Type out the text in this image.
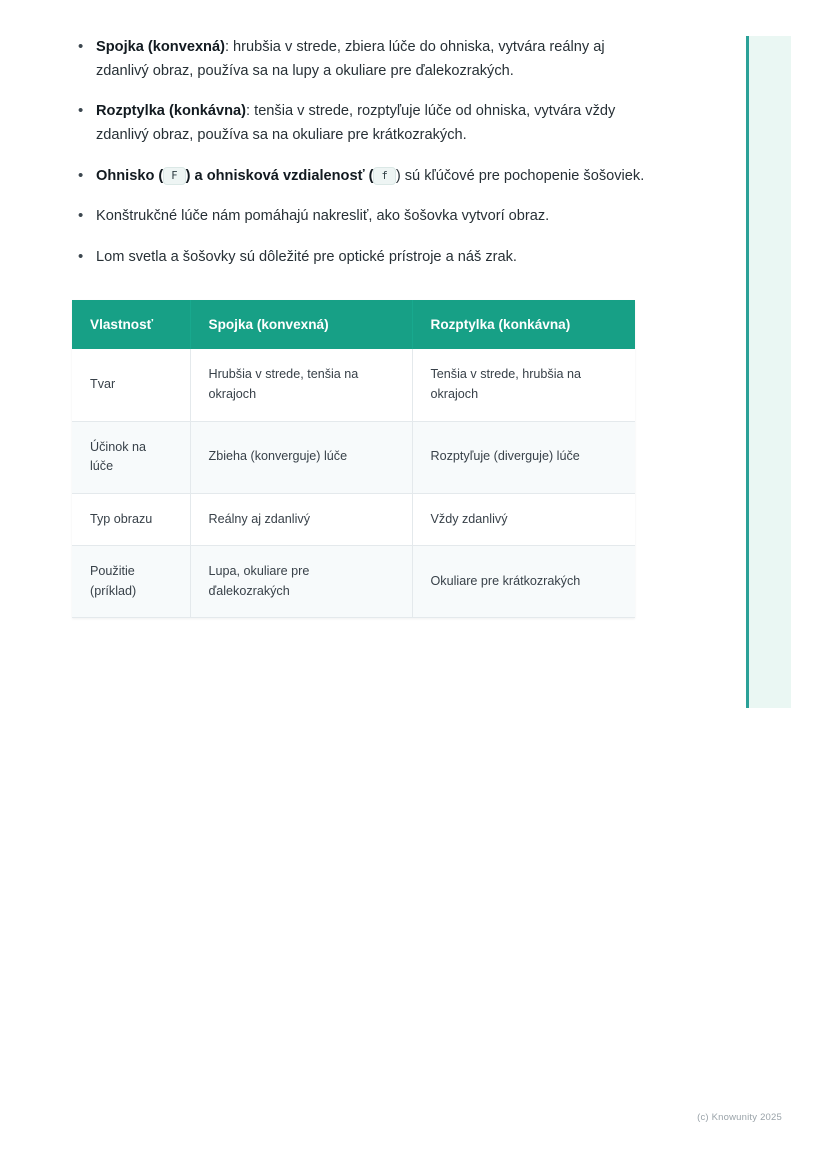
• Spojka (konvexná): hrubšia v strede, zbiera lúče do ohniska, vytvára reálny aj zdanlivý obraz, používa sa na lupy a okuliare pre ďalekozrakých.
• Rozptylka (konkávna): tenšia v strede, rozptyľuje lúče od ohniska, vytvára vždy zdanlivý obraz, používa sa na okuliare pre krátkozrakých.
• Ohnisko ( F ) a ohnisková vzdialenosť ( f ) sú kľúčové pre pochopenie šošoviek.
• Konštrukčné lúče nám pomáhajú nakresliť, ako šošovka vytvorí obraz.
• Lom svetla a šošovky sú dôležité pre optické prístroje a náš zrak.
Vlastnosť	Spojka (konvexná)	Rozptylka (konkávna)
Tvar	Hrubšia v strede, tenšia na okrajoch	Tenšia v strede, hrubšia na okrajoch
Účinok na lúče	Zbieha (konverguje) lúče	Rozptyľuje (diverguje) lúče
Typ obrazu	Reálny aj zdanlivý	Vždy zdanlivý
Použitie (príklad)	Lupa, okuliare pre ďalekozrakých	Okuliare pre krátkozrakých
(c) Knowunity 2025
